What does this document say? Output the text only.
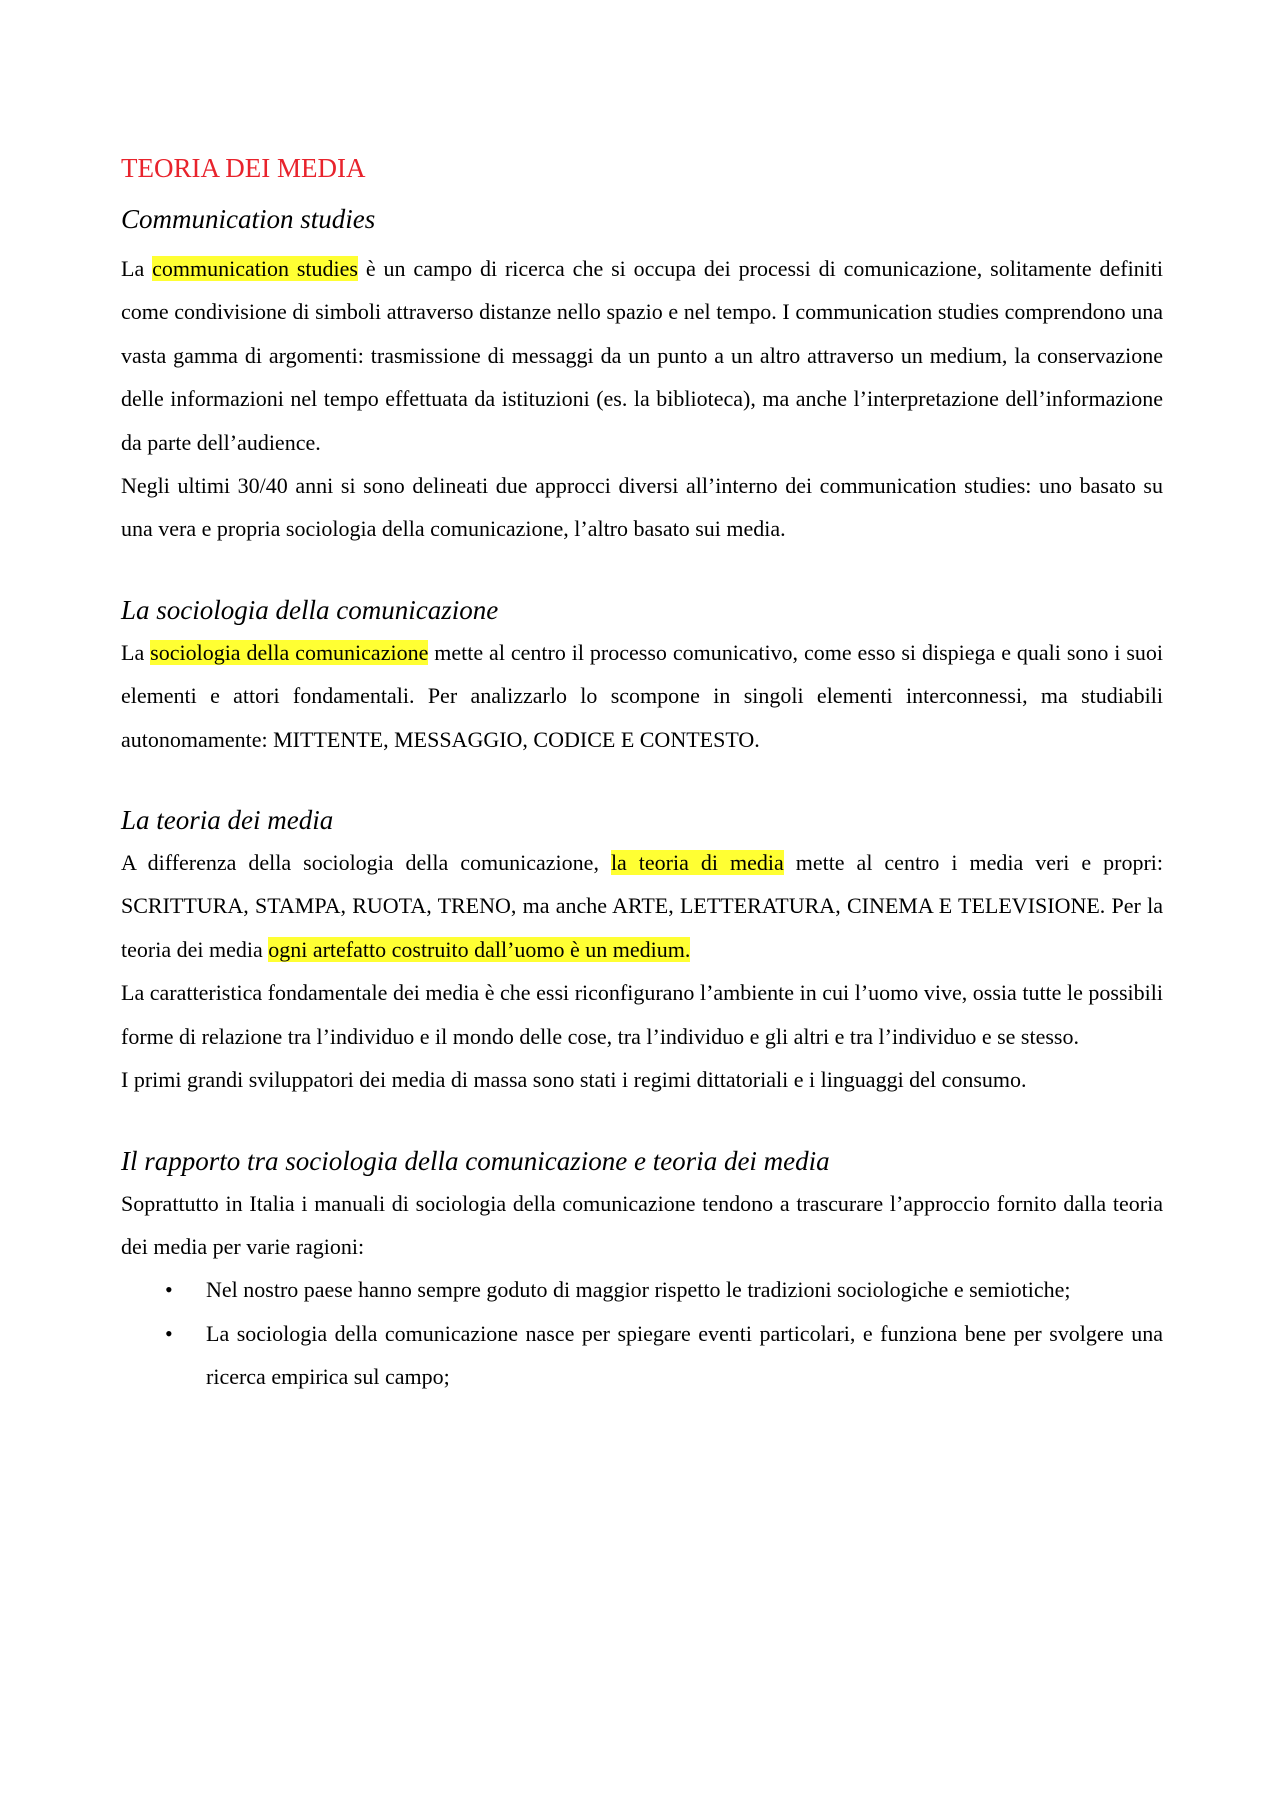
TEORIA DEI MEDIA
Communication studies

La communication studies è un campo di ricerca che si occupa dei processi di comunicazione, solitamente definiti come condivisione di simboli attraverso distanze nello spazio e nel tempo. I communication studies comprendono una vasta gamma di argomenti: trasmissione di messaggi da un punto a un altro attraverso un medium, la conservazione delle informazioni nel tempo effettuata da istituzioni (es. la biblioteca), ma anche l’interpretazione dell’informazione da parte dell’audience.

Negli ultimi 30/40 anni si sono delineati due approcci diversi all’interno dei communication studies: uno basato su una vera e propria sociologia della comunicazione, l’altro basato sui media.

La sociologia della comunicazione

La sociologia della comunicazione mette al centro il processo comunicativo, come esso si dispiega e quali sono i suoi elementi e attori fondamentali. Per analizzarlo lo scompone in singoli elementi interconnessi, ma studiabili autonomamente: MITTENTE, MESSAGGIO, CODICE E CONTESTO.

La teoria dei media

A differenza della sociologia della comunicazione, la teoria di media mette al centro i media veri e propri: SCRITTURA, STAMPA, RUOTA, TRENO, ma anche ARTE, LETTERATURA, CINEMA E TELEVISIONE. Per la teoria dei media ogni artefatto costruito dall’uomo è un medium.

La caratteristica fondamentale dei media è che essi riconfigurano l’ambiente in cui l’uomo vive, ossia tutte le possibili forme di relazione tra l’individuo e il mondo delle cose, tra l’individuo e gli altri e tra l’individuo e se stesso.

I primi grandi sviluppatori dei media di massa sono stati i regimi dittatoriali e i linguaggi del consumo.

Il rapporto tra sociologia della comunicazione e teoria dei media

Soprattutto in Italia i manuali di sociologia della comunicazione tendono a trascurare l’approccio fornito dalla teoria dei media per varie ragioni:

• Nel nostro paese hanno sempre goduto di maggior rispetto le tradizioni sociologiche e semiotiche;
• La sociologia della comunicazione nasce per spiegare eventi particolari, e funziona bene per svolgere una ricerca empirica sul campo;
